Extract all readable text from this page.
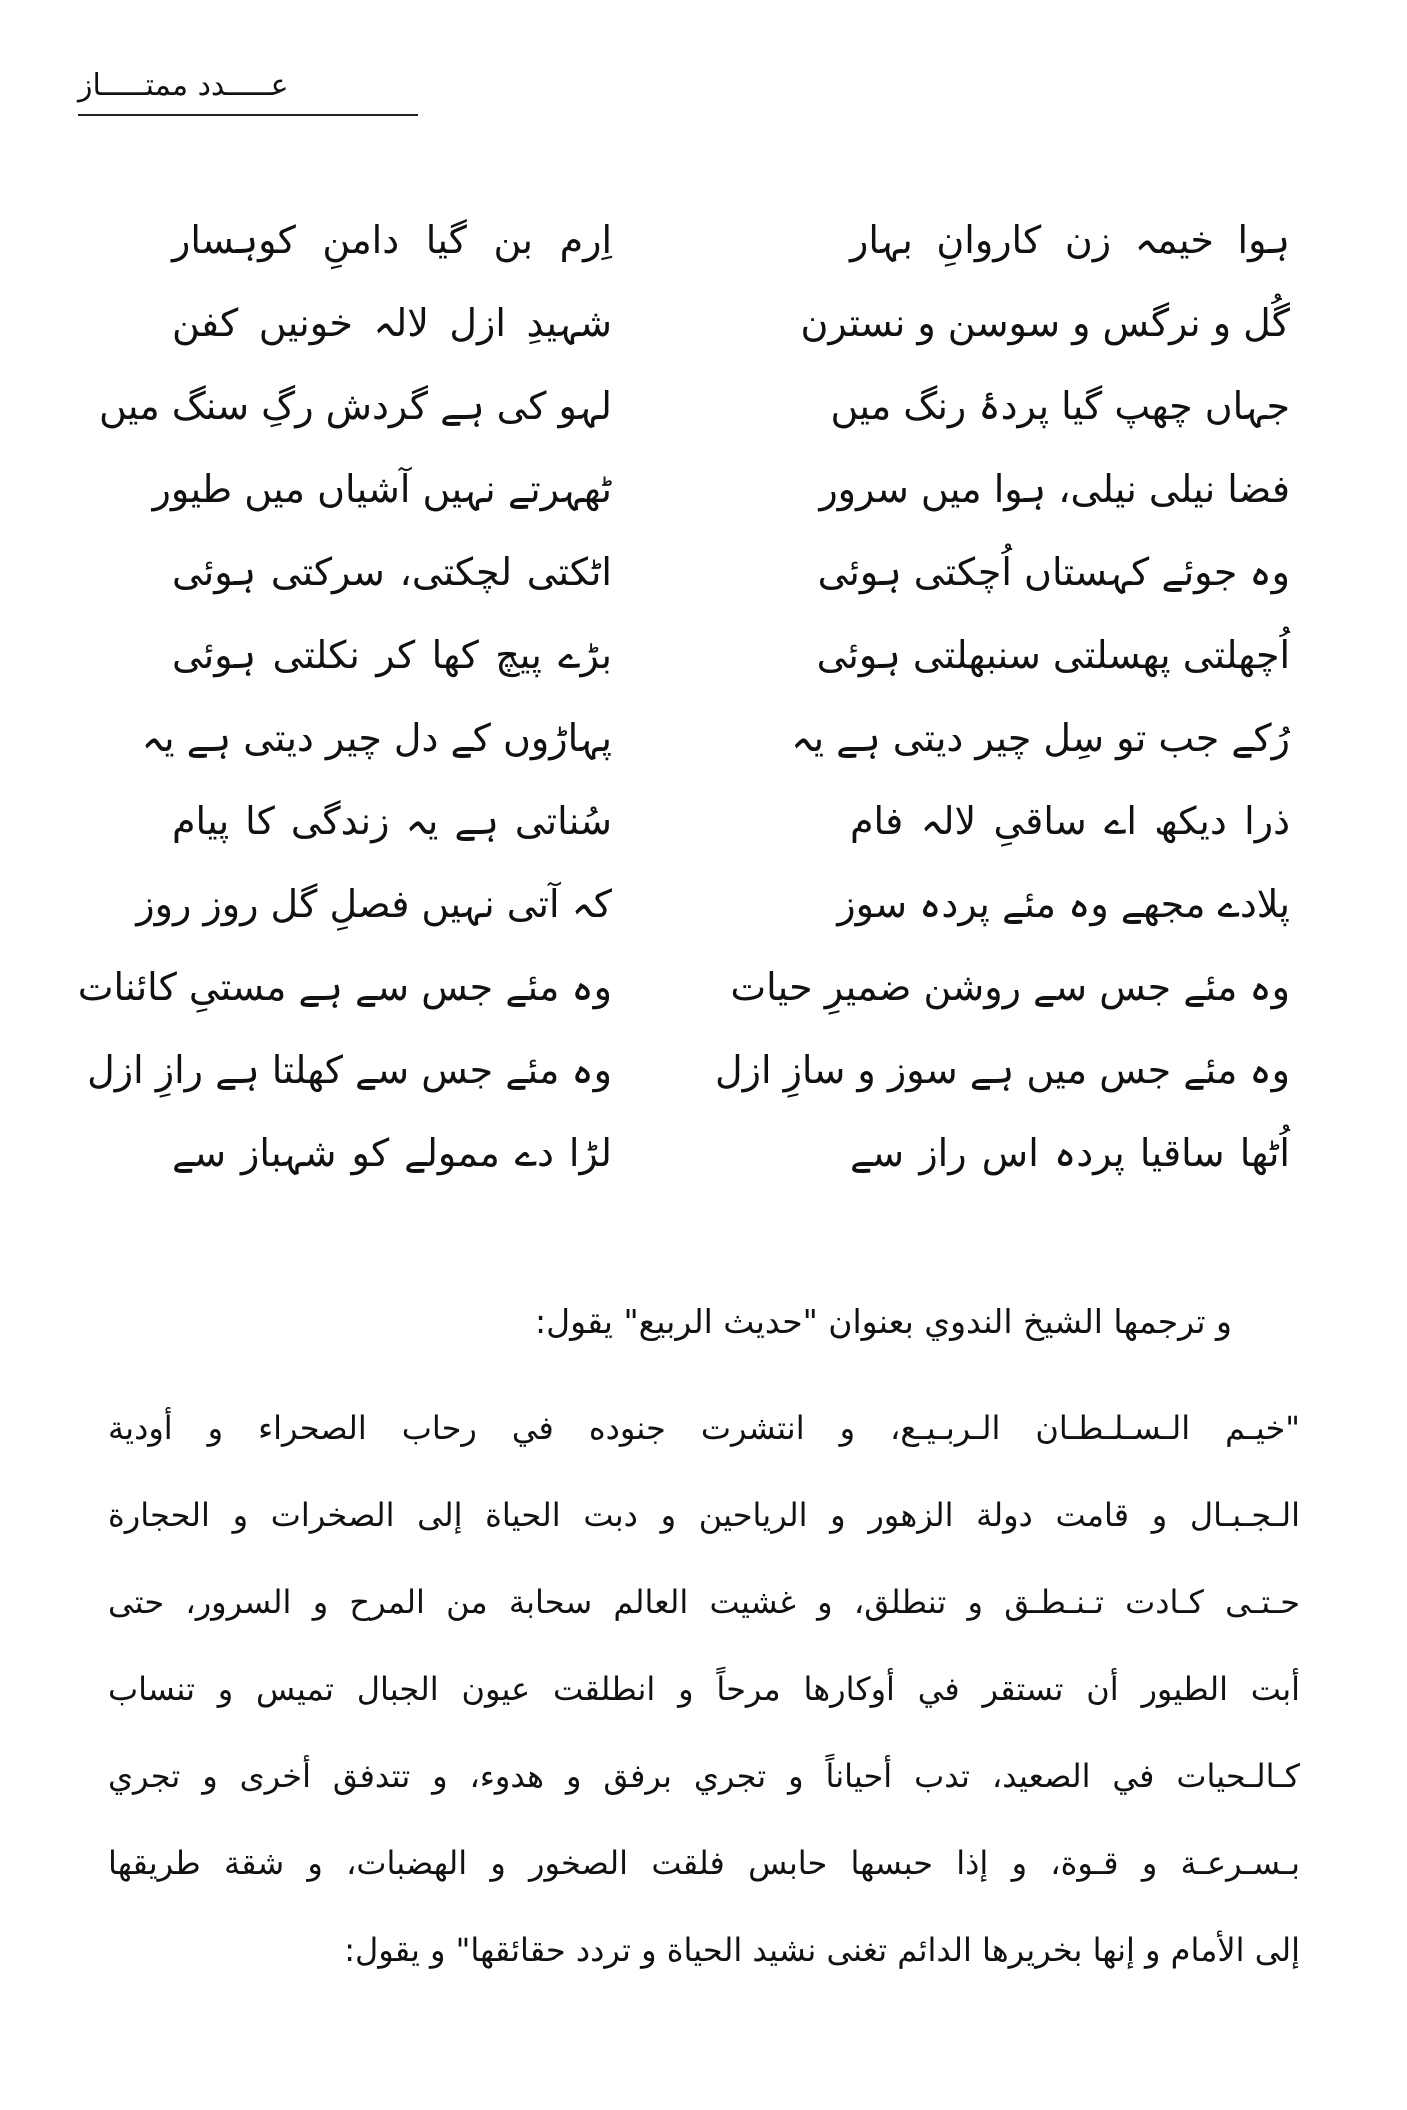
عـــــدد ممتـــــاز
ہوا خیمہ زن کاروانِ بہار
اِرم بن گیا دامنِ کوہسار
گُل و نرگس و سوسن و نسترن
شہیدِ ازل لالہ خونیں کفن
جہاں چھپ گیا پردۂ رنگ میں
لہو کی ہے گردش رگِ سنگ میں
فضا نیلی نیلی، ہوا میں سرور
ٹھہرتے نہیں آشیاں میں طیور
وہ جوئے کہستاں اُچکتی ہوئی
اٹکتی لچکتی، سرکتی ہوئی
اُچھلتی پھسلتی سنبھلتی ہوئی
بڑے پیچ کھا کر نکلتی ہوئی
رُکے جب تو سِل چیر دیتی ہے یہ
پہاڑوں کے دل چیر دیتی ہے یہ
ذرا دیکھ اے ساقیِ لالہ فام
سُناتی ہے یہ زندگی کا پیام
پلادے مجھے وہ مئے پردہ سوز
کہ آتی نہیں فصلِ گل روز روز
وہ مئے جس سے روشن ضمیرِ حیات
وہ مئے جس سے ہے مستیِ کائنات
وہ مئے جس میں ہے سوز و سازِ ازل
وہ مئے جس سے کھلتا ہے رازِ ازل
اُٹھا ساقیا پردہ اس راز سے
لڑا دے ممولے کو شہباز سے
و ترجمها الشيخ الندوي بعنوان "حديث الربيع" يقول:
"خيـم الـسـلـطـان الـربـيـع، و انتشرت جنوده في رحاب الصحراء و أودية
الـجـبـال و قامت دولة الزهور و الرياحين و دبت الحياة إلى الصخرات و الحجارة
حـتـى كـادت تـنـطـق و تنطلق، و غشيت العالم سحابة من المرح و السرور، حتى
أبت الطيور أن تستقر في أوكارها مرحاً و انطلقت عيون الجبال تميس و تنساب
كـالـحيات في الصعيد، تدب أحياناً و تجري برفق و هدوء، و تتدفق أخرى و تجري
بـسـرعـة و قـوة، و إذا حبسها حابس فلقت الصخور و الهضبات، و شقة طريقها
إلى الأمام و إنها بخريرها الدائم تغنى نشيد الحياة و تردد حقائقها" و يقول:
